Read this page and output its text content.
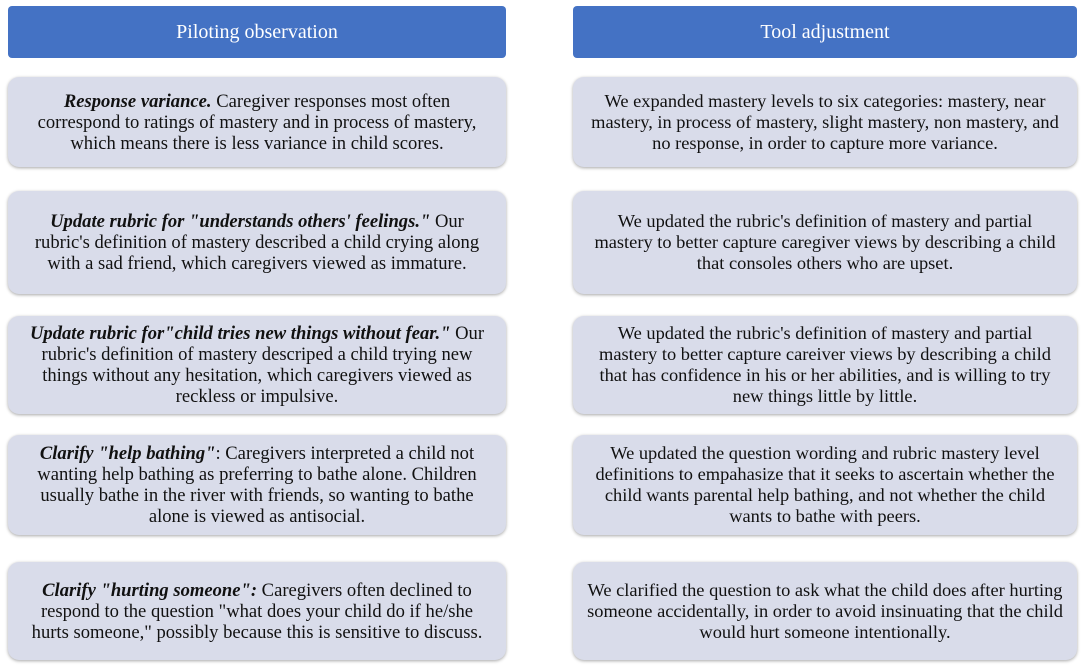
Piloting observation
Response variance. Caregiver responses most often correspond to ratings of mastery and in process of mastery, which means there is less variance in child scores.
Update rubric for "understands others' feelings." Our rubric's definition of mastery described a child crying along with a sad friend, which caregivers viewed as immature.
Update rubric for"child tries new things without fear." Our rubric's definition of mastery descriped a child trying new things without any hesitation, which caregivers viewed as reckless or impulsive.
Clarify "help bathing": Caregivers interpreted a child not wanting help bathing as preferring to bathe alone. Children usually bathe in the river with friends, so wanting to bathe alone is viewed as antisocial.
Clarify "hurting someone": Caregivers often declined to respond to the question "what does your child do if he/she hurts someone," possibly because this is sensitive to discuss.
Tool adjustment
We expanded mastery levels to six categories: mastery, near mastery, in process of mastery, slight mastery, non mastery, and no response, in order to capture more variance.
We updated the rubric's definition of mastery and partial mastery to better capture caregiver views by describing a child that consoles others who are upset.
We updated the rubric's definition of mastery and partial mastery to better capture careiver views by describing a child that has confidence in his or her abilities, and is willing to try new things little by little.
We updated the question wording and rubric mastery level definitions to empahasize that it seeks to ascertain whether the child wants parental help bathing, and not whether the child wants to bathe with peers.
We clarified the question to ask what the child does after hurting someone accidentally, in order to avoid insinuating that the child would hurt someone intentionally.
